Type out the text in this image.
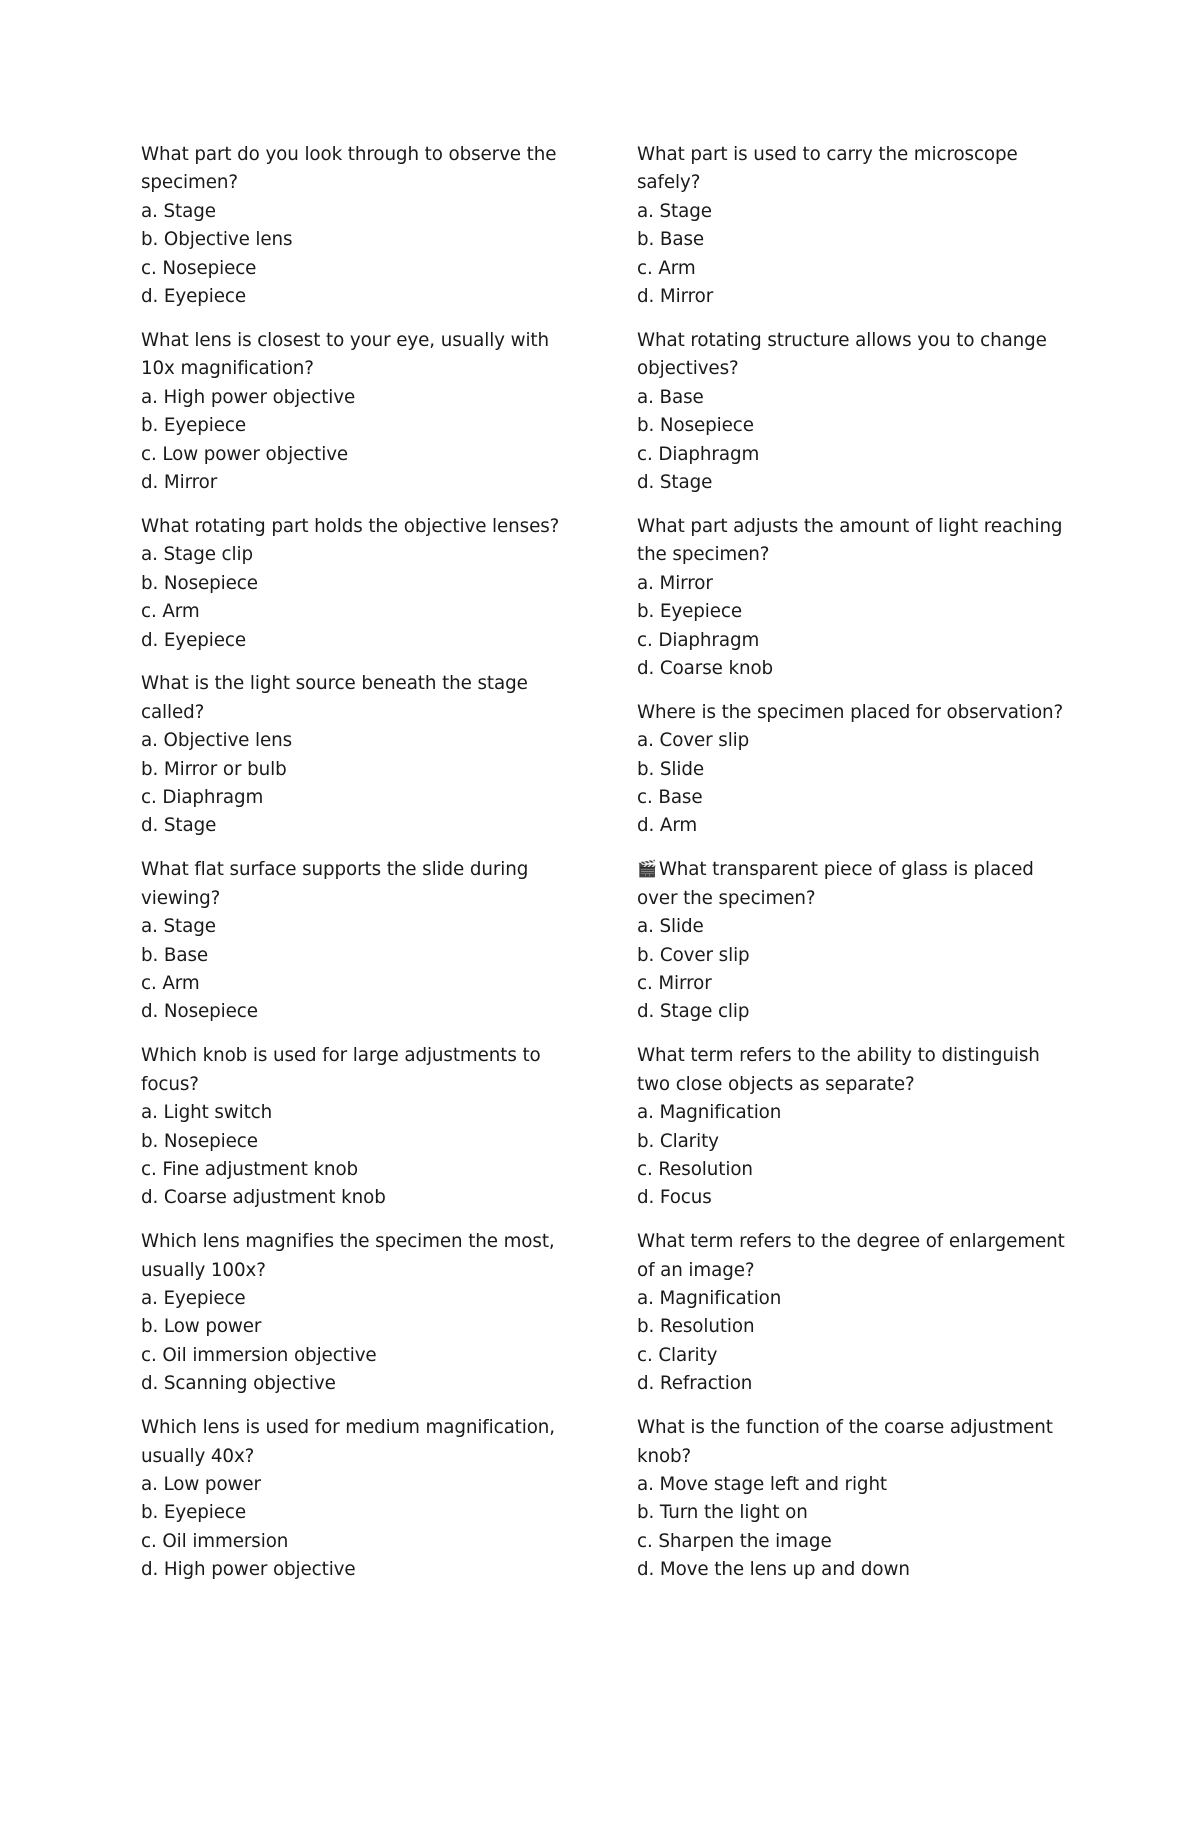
What part do you look through to observe the specimen?

a. Stage

b. Objective lens

c. Nosepiece

d. Eyepiece

What lens is closest to your eye, usually with 10x magnification?

a. High power objective

b. Eyepiece

c. Low power objective

d. Mirror

What rotating part holds the objective lenses?

a. Stage clip

b. Nosepiece

c. Arm

d. Eyepiece

What is the light source beneath the stage called?

a. Objective lens

b. Mirror or bulb

c. Diaphragm

d. Stage

What flat surface supports the slide during viewing?

a. Stage

b. Base

c. Arm

d. Nosepiece

Which knob is used for large adjustments to focus?

a. Light switch

b. Nosepiece

c. Fine adjustment knob

d. Coarse adjustment knob

Which lens magnifies the specimen the most, usually 100x?

a. Eyepiece

b. Low power

c. Oil immersion objective

d. Scanning objective

Which lens is used for medium magnification, usually 40x?

a. Low power

b. Eyepiece

c. Oil immersion

d. High power objective

What part is used to carry the microscope safely?

a. Stage

b. Base

c. Arm

d. Mirror

What rotating structure allows you to change objectives?

a. Base

b. Nosepiece

c. Diaphragm

d. Stage

What part adjusts the amount of light reaching the specimen?

a. Mirror

b. Eyepiece

c. Diaphragm

d. Coarse knob

Where is the specimen placed for observation?

a. Cover slip

b. Slide

c. Base

d. Arm

🎬 What transparent piece of glass is placed over the specimen?

a. Slide

b. Cover slip

c. Mirror

d. Stage clip

What term refers to the ability to distinguish two close objects as separate?

a. Magnification

b. Clarity

c. Resolution

d. Focus

What term refers to the degree of enlargement of an image?

a. Magnification

b. Resolution

c. Clarity

d. Refraction

What is the function of the coarse adjustment knob?

a. Move stage left and right

b. Turn the light on

c. Sharpen the image

d. Move the lens up and down
